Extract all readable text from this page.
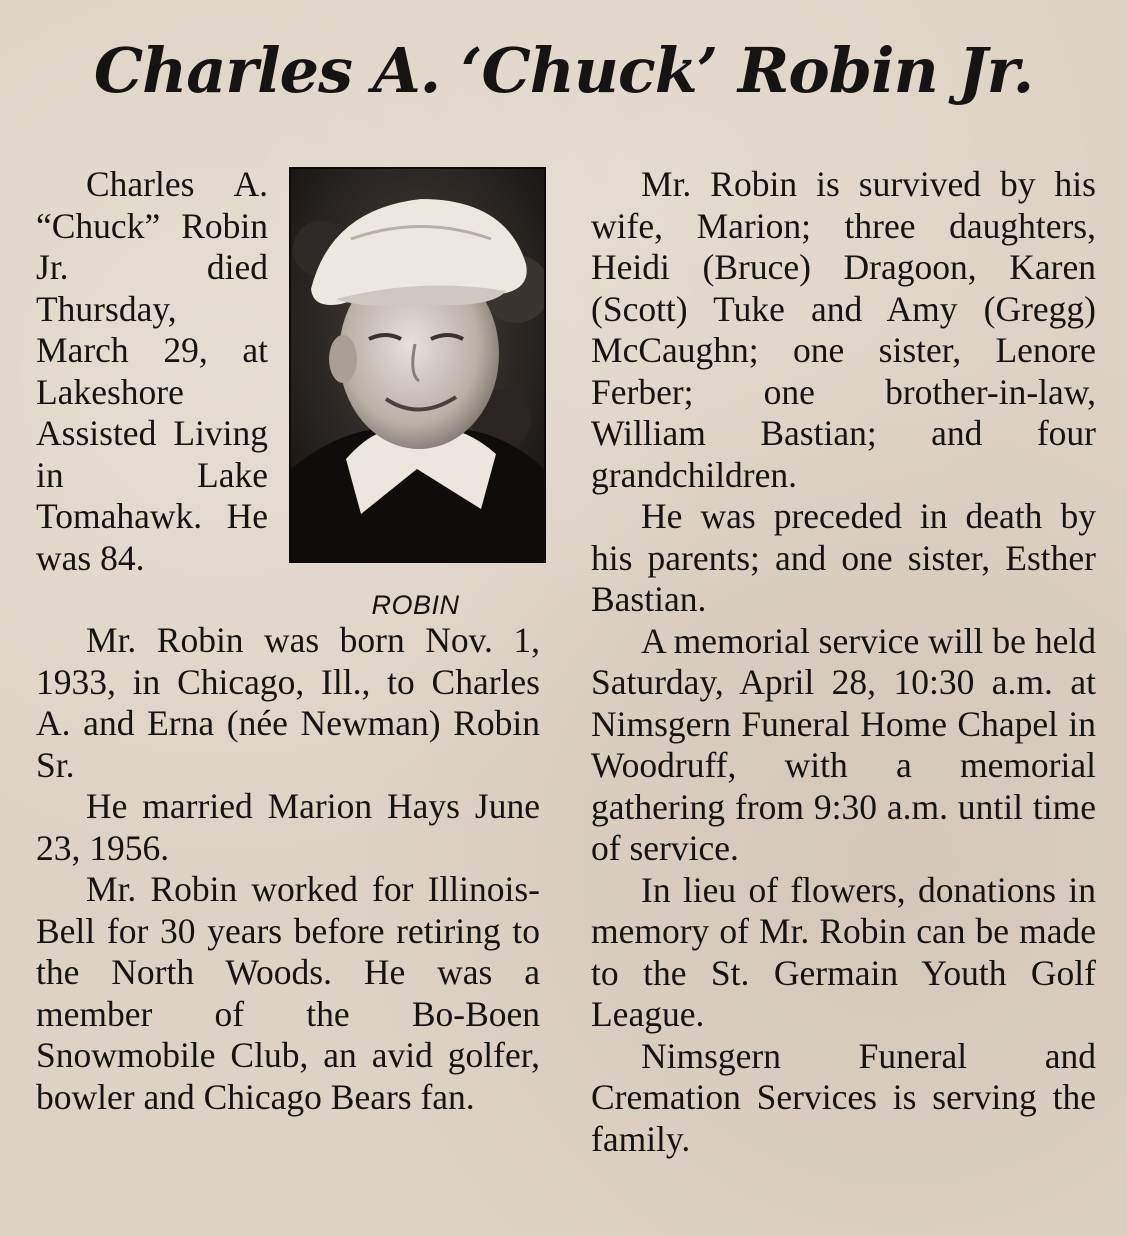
Charles A. ‘Chuck’ Robin Jr.
ROBIN

Charles A. “Chuck” Robin Jr. died Thursday, March 29, at Lakeshore Assisted Living in Lake Tomahawk. He was 84.

Mr. Robin was born Nov. 1, 1933, in Chicago, Ill., to Charles A. and Erna (née Newman) Robin Sr.

He married Marion Hays June 23, 1956.

Mr. Robin worked for Illinois-Bell for 30 years before retiring to the North Woods. He was a member of the Bo-Boen Snowmobile Club, an avid golfer, bowler and Chicago Bears fan.

Mr. Robin is survived by his wife, Marion; three daughters, Heidi (Bruce) Dragoon, Karen (Scott) Tuke and Amy (Gregg) McCaughn; one sister, Lenore Ferber; one brother-in-law, William Bastian; and four grandchildren.

He was preceded in death by his parents; and one sister, Esther Bastian.

A memorial service will be held Saturday, April 28, 10:30 a.m. at Nimsgern Funeral Home Chapel in Woodruff, with a memorial gathering from 9:30 a.m. until time of service.

In lieu of flowers, donations in memory of Mr. Robin can be made to the St. Germain Youth Golf League.

Nimsgern Funeral and Cremation Services is serving the family.
